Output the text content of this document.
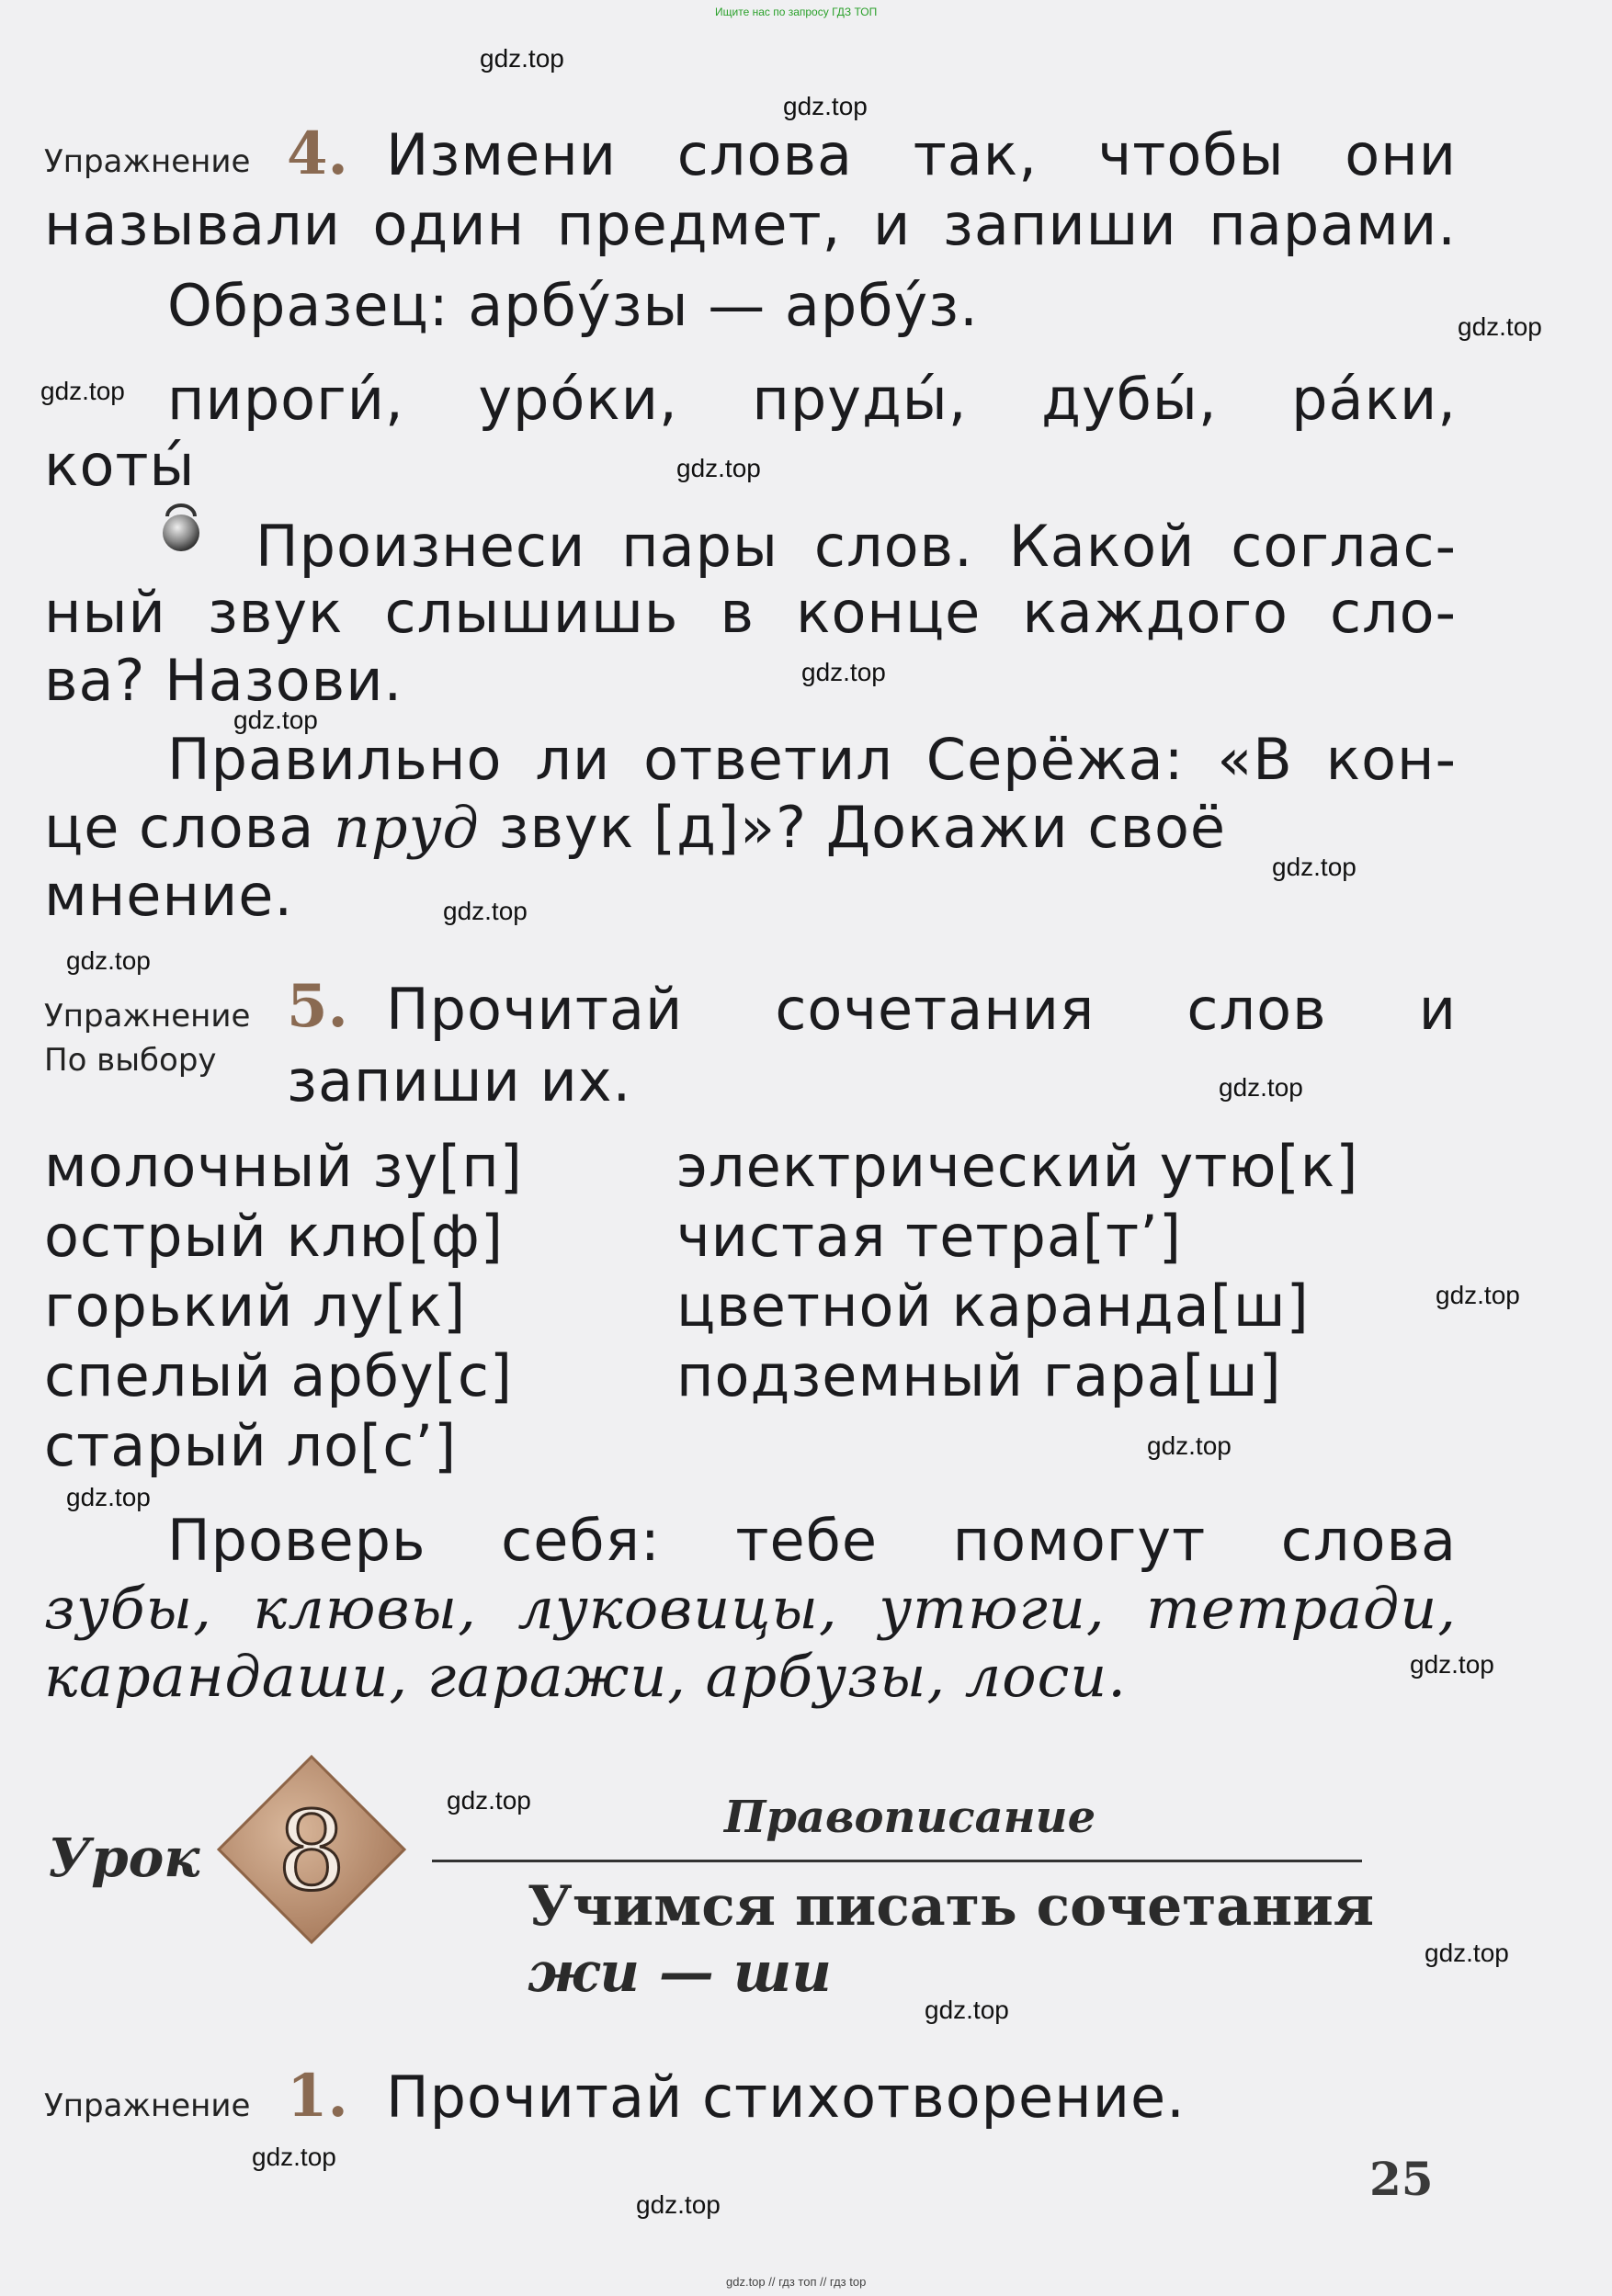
Ищите нас по запросу ГДЗ ТОП
Упражнение 4. Измени слова так, чтобы они
называли один предмет, и запиши парами.
Образец: арбу́зы — арбу́з.
пироги́, уро́ки, пруды́, дубы́, ра́ки,
коты́
Произнеси пары слов. Какой соглас-
ный звук слышишь в конце каждого сло-
ва? Назови.
Правильно ли ответил Серёжа: «В кон-
це слова пруд звук [д]»? Докажи своё
мнение.
Упражнение
По выбору
5. Прочитай сочетания слов и
запиши их.
молочный зу[п]
острый клю[ф]
горький лу[к]
спелый арбу[с]
старый ло[с’]
электрический утю[к]
чистая тетра[т’]
цветной каранда[ш]
подземный гара[ш]
Проверь себя: тебе помогут слова
зубы, клювы, луковицы, утюги, тетради,
карандаши, гаражи, арбузы, лоси.
Урок 8	Правописание
Учимся писать сочетания
жи — ши
Упражнение 1. Прочитай стихотворение.
25
gdz.top
gdz.top
gdz.top
gdz.top
gdz.top
gdz.top
gdz.top
gdz.top
gdz.top
gdz.top
gdz.top
gdz.top
gdz.top
gdz.top
gdz.top
gdz.top
gdz.top
gdz.top
gdz.top
gdz.top
gdz.top // гдз топ // гдз top
